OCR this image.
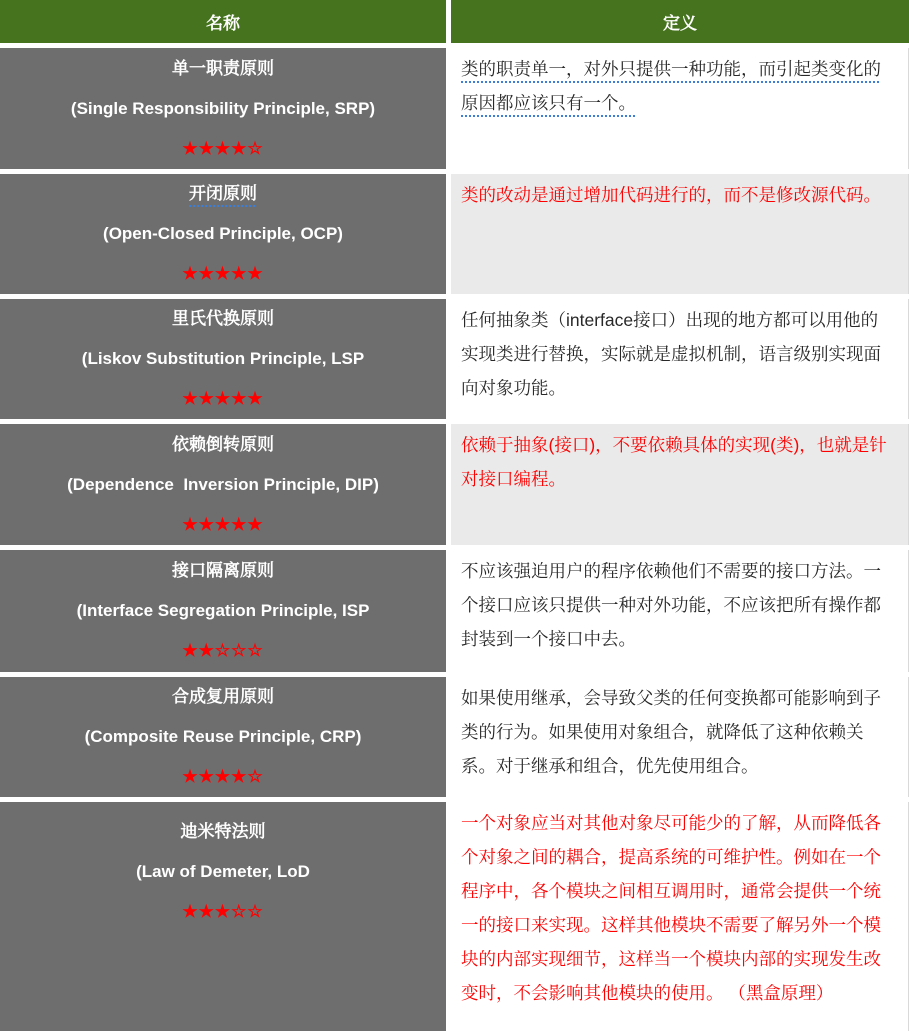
名称	定义
单一职责原则
(Single Responsibility Principle, SRP)
★★★★☆
类的职责单一，对外只提供一种功能，而引起类变化的原因都应该只有一个。
开闭原则
(Open-Closed Principle, OCP)
★★★★★
类的改动是通过增加代码进行的，而不是修改源代码。
里氏代换原则
(Liskov Substitution Principle, LSP
★★★★★
任何抽象类（interface接口）出现的地方都可以用他的实现类进行替换，实际就是虚拟机制，语言级别实现面向对象功能。
依赖倒转原则
(Dependence  Inversion Principle, DIP)
★★★★★
依赖于抽象(接口)，不要依赖具体的实现(类)，也就是针对接口编程。
接口隔离原则
(Interface Segregation Principle, ISP
★★☆☆☆
不应该强迫用户的程序依赖他们不需要的接口方法。一个接口应该只提供一种对外功能，不应该把所有操作都封装到一个接口中去。
合成复用原则
(Composite Reuse Principle, CRP)
★★★★☆
如果使用继承，会导致父类的任何变换都可能影响到子类的行为。如果使用对象组合，就降低了这种依赖关系。对于继承和组合，优先使用组合。
迪米特法则
(Law of Demeter, LoD
★★★☆☆
一个对象应当对其他对象尽可能少的了解，从而降低各个对象之间的耦合，提高系统的可维护性。例如在一个程序中，各个模块之间相互调用时，通常会提供一个统一的接口来实现。这样其他模块不需要了解另外一个模块的内部实现细节，这样当一个模块内部的实现发生改变时，不会影响其他模块的使用。 （黑盒原理）
